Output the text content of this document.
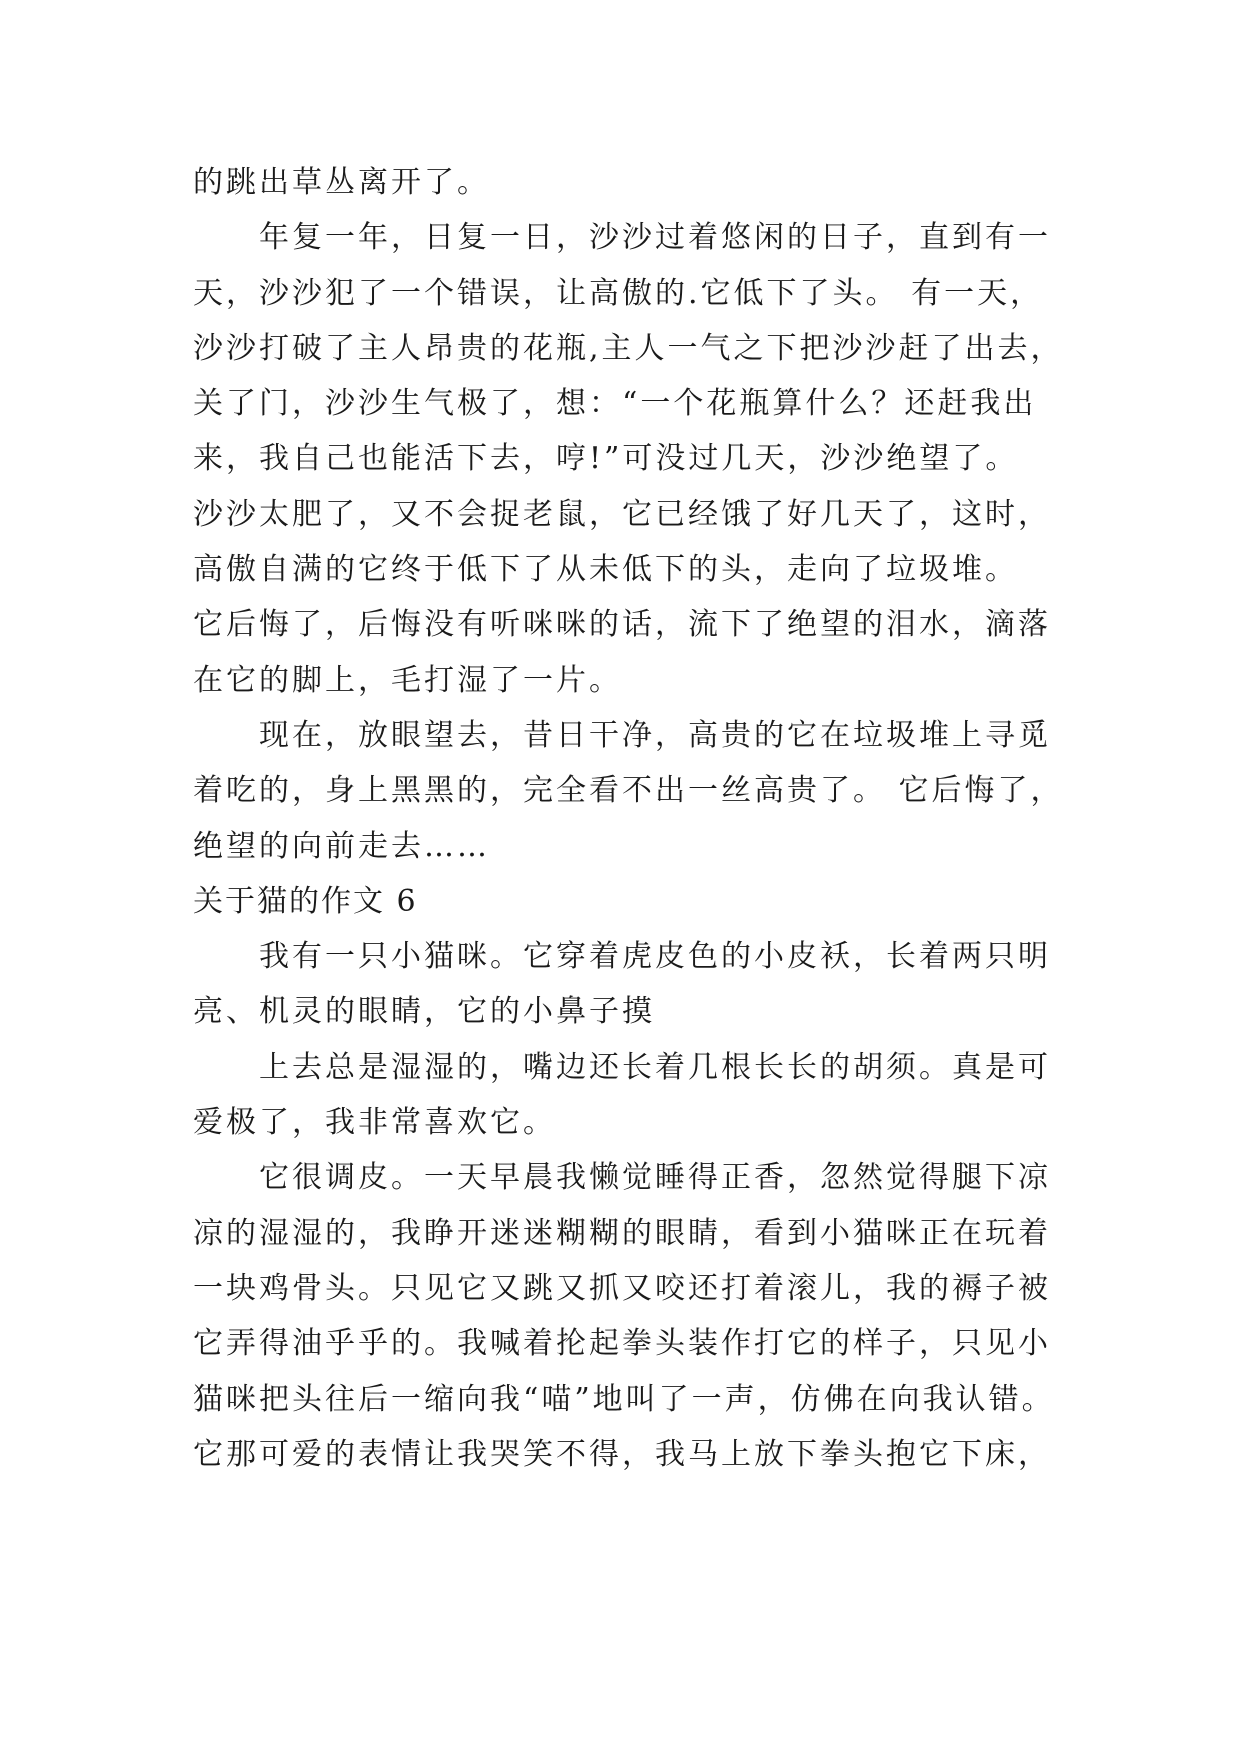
的跳出草丛离开了。
年复一年，日复一日，沙沙过着悠闲的日子，直到有一
天，沙沙犯了一个错误，让高傲的.它低下了头。 有一天，
沙沙打破了主人昂贵的花瓶,主人一气之下把沙沙赶了出去，
关了门，沙沙生气极了，想：“一个花瓶算什么？还赶我出
来，我自己也能活下去，哼!”可没过几天，沙沙绝望了。
沙沙太肥了，又不会捉老鼠，它已经饿了好几天了，这时，
高傲自满的它终于低下了从未低下的头，走向了垃圾堆。
它后悔了，后悔没有听咪咪的话，流下了绝望的泪水，滴落
在它的脚上，毛打湿了一片。
现在，放眼望去，昔日干净，高贵的它在垃圾堆上寻觅
着吃的，身上黑黑的，完全看不出一丝高贵了。 它后悔了，
绝望的向前走去……
关于猫的作文 6
我有一只小猫咪。它穿着虎皮色的小皮袄，长着两只明
亮、机灵的眼睛，它的小鼻子摸
上去总是湿湿的，嘴边还长着几根长长的胡须。真是可
爱极了，我非常喜欢它。
它很调皮。一天早晨我懒觉睡得正香，忽然觉得腿下凉
凉的湿湿的，我睁开迷迷糊糊的眼睛，看到小猫咪正在玩着
一块鸡骨头。只见它又跳又抓又咬还打着滚儿，我的褥子被
它弄得油乎乎的。我喊着抡起拳头装作打它的样子，只见小
猫咪把头往后一缩向我“喵”地叫了一声，仿佛在向我认错。
它那可爱的表情让我哭笑不得，我马上放下拳头抱它下床，
